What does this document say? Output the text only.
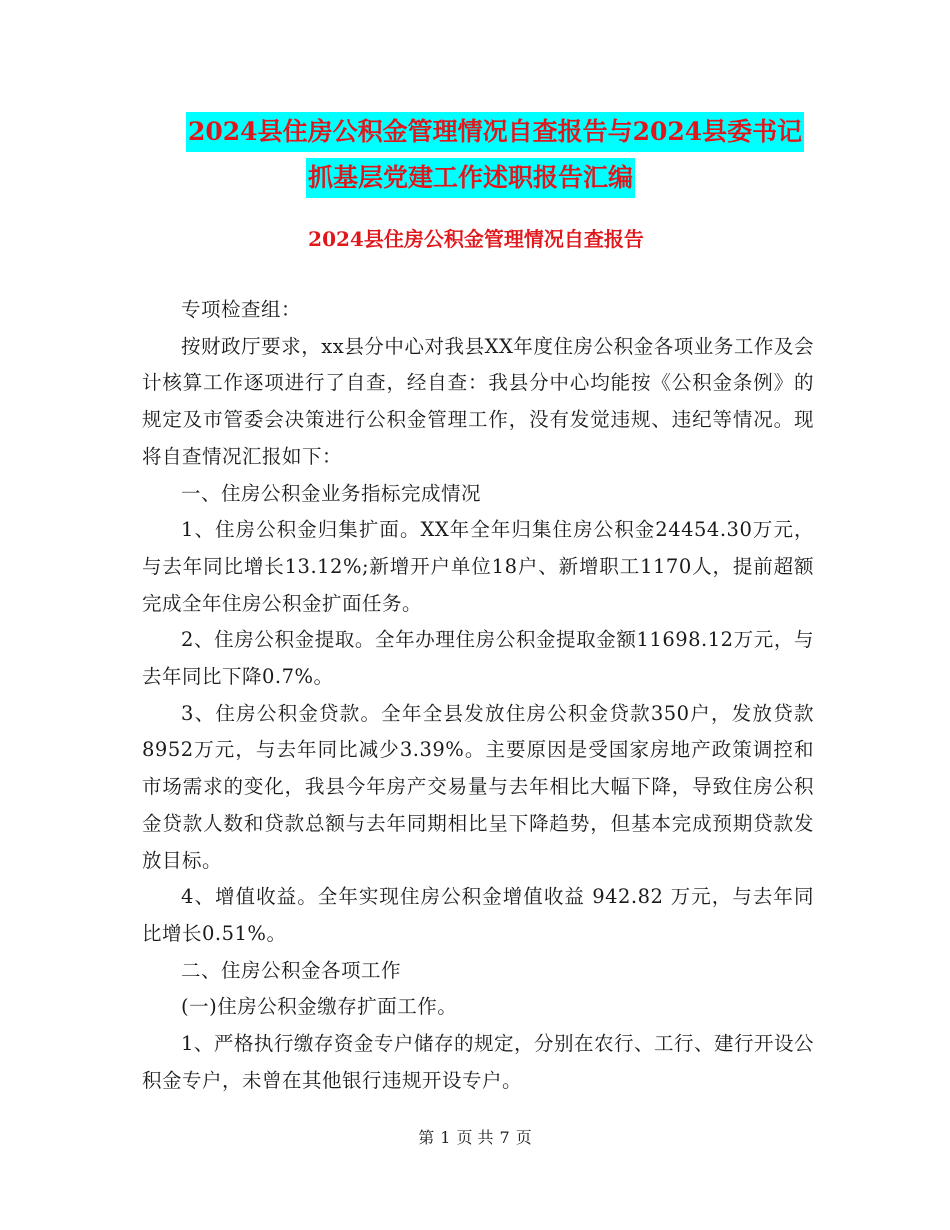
2024县住房公积金管理情况自查报告与2024县委书记
抓基层党建工作述职报告汇编
2024县住房公积金管理情况自查报告

专项检查组：

按财政厅要求，xx县分中心对我县XX年度住房公积金各项业务工作及会计核算工作逐项进行了自查，经自查：我县分中心均能按《公积金条例》的规定及市管委会决策进行公积金管理工作，没有发觉违规、违纪等情况。现将自查情况汇报如下：

一、住房公积金业务指标完成情况

1、住房公积金归集扩面。XX年全年归集住房公积金24454.30万元，与去年同比增长13.12%;新增开户单位18户、新增职工1170人，提前超额完成全年住房公积金扩面任务。

2、住房公积金提取。全年办理住房公积金提取金额11698.12万元，与去年同比下降0.7%。

3、住房公积金贷款。全年全县发放住房公积金贷款350户，发放贷款8952万元，与去年同比减少3.39%。主要原因是受国家房地产政策调控和市场需求的变化，我县今年房产交易量与去年相比大幅下降，导致住房公积金贷款人数和贷款总额与去年同期相比呈下降趋势，但基本完成预期贷款发放目标。

4、增值收益。全年实现住房公积金增值收益 942.82 万元，与去年同比增长0.51%。

二、住房公积金各项工作

(一)住房公积金缴存扩面工作。

1、严格执行缴存资金专户储存的规定，分别在农行、工行、建行开设公积金专户，未曾在其他银行违规开设专户。

第 1 页 共 7 页
